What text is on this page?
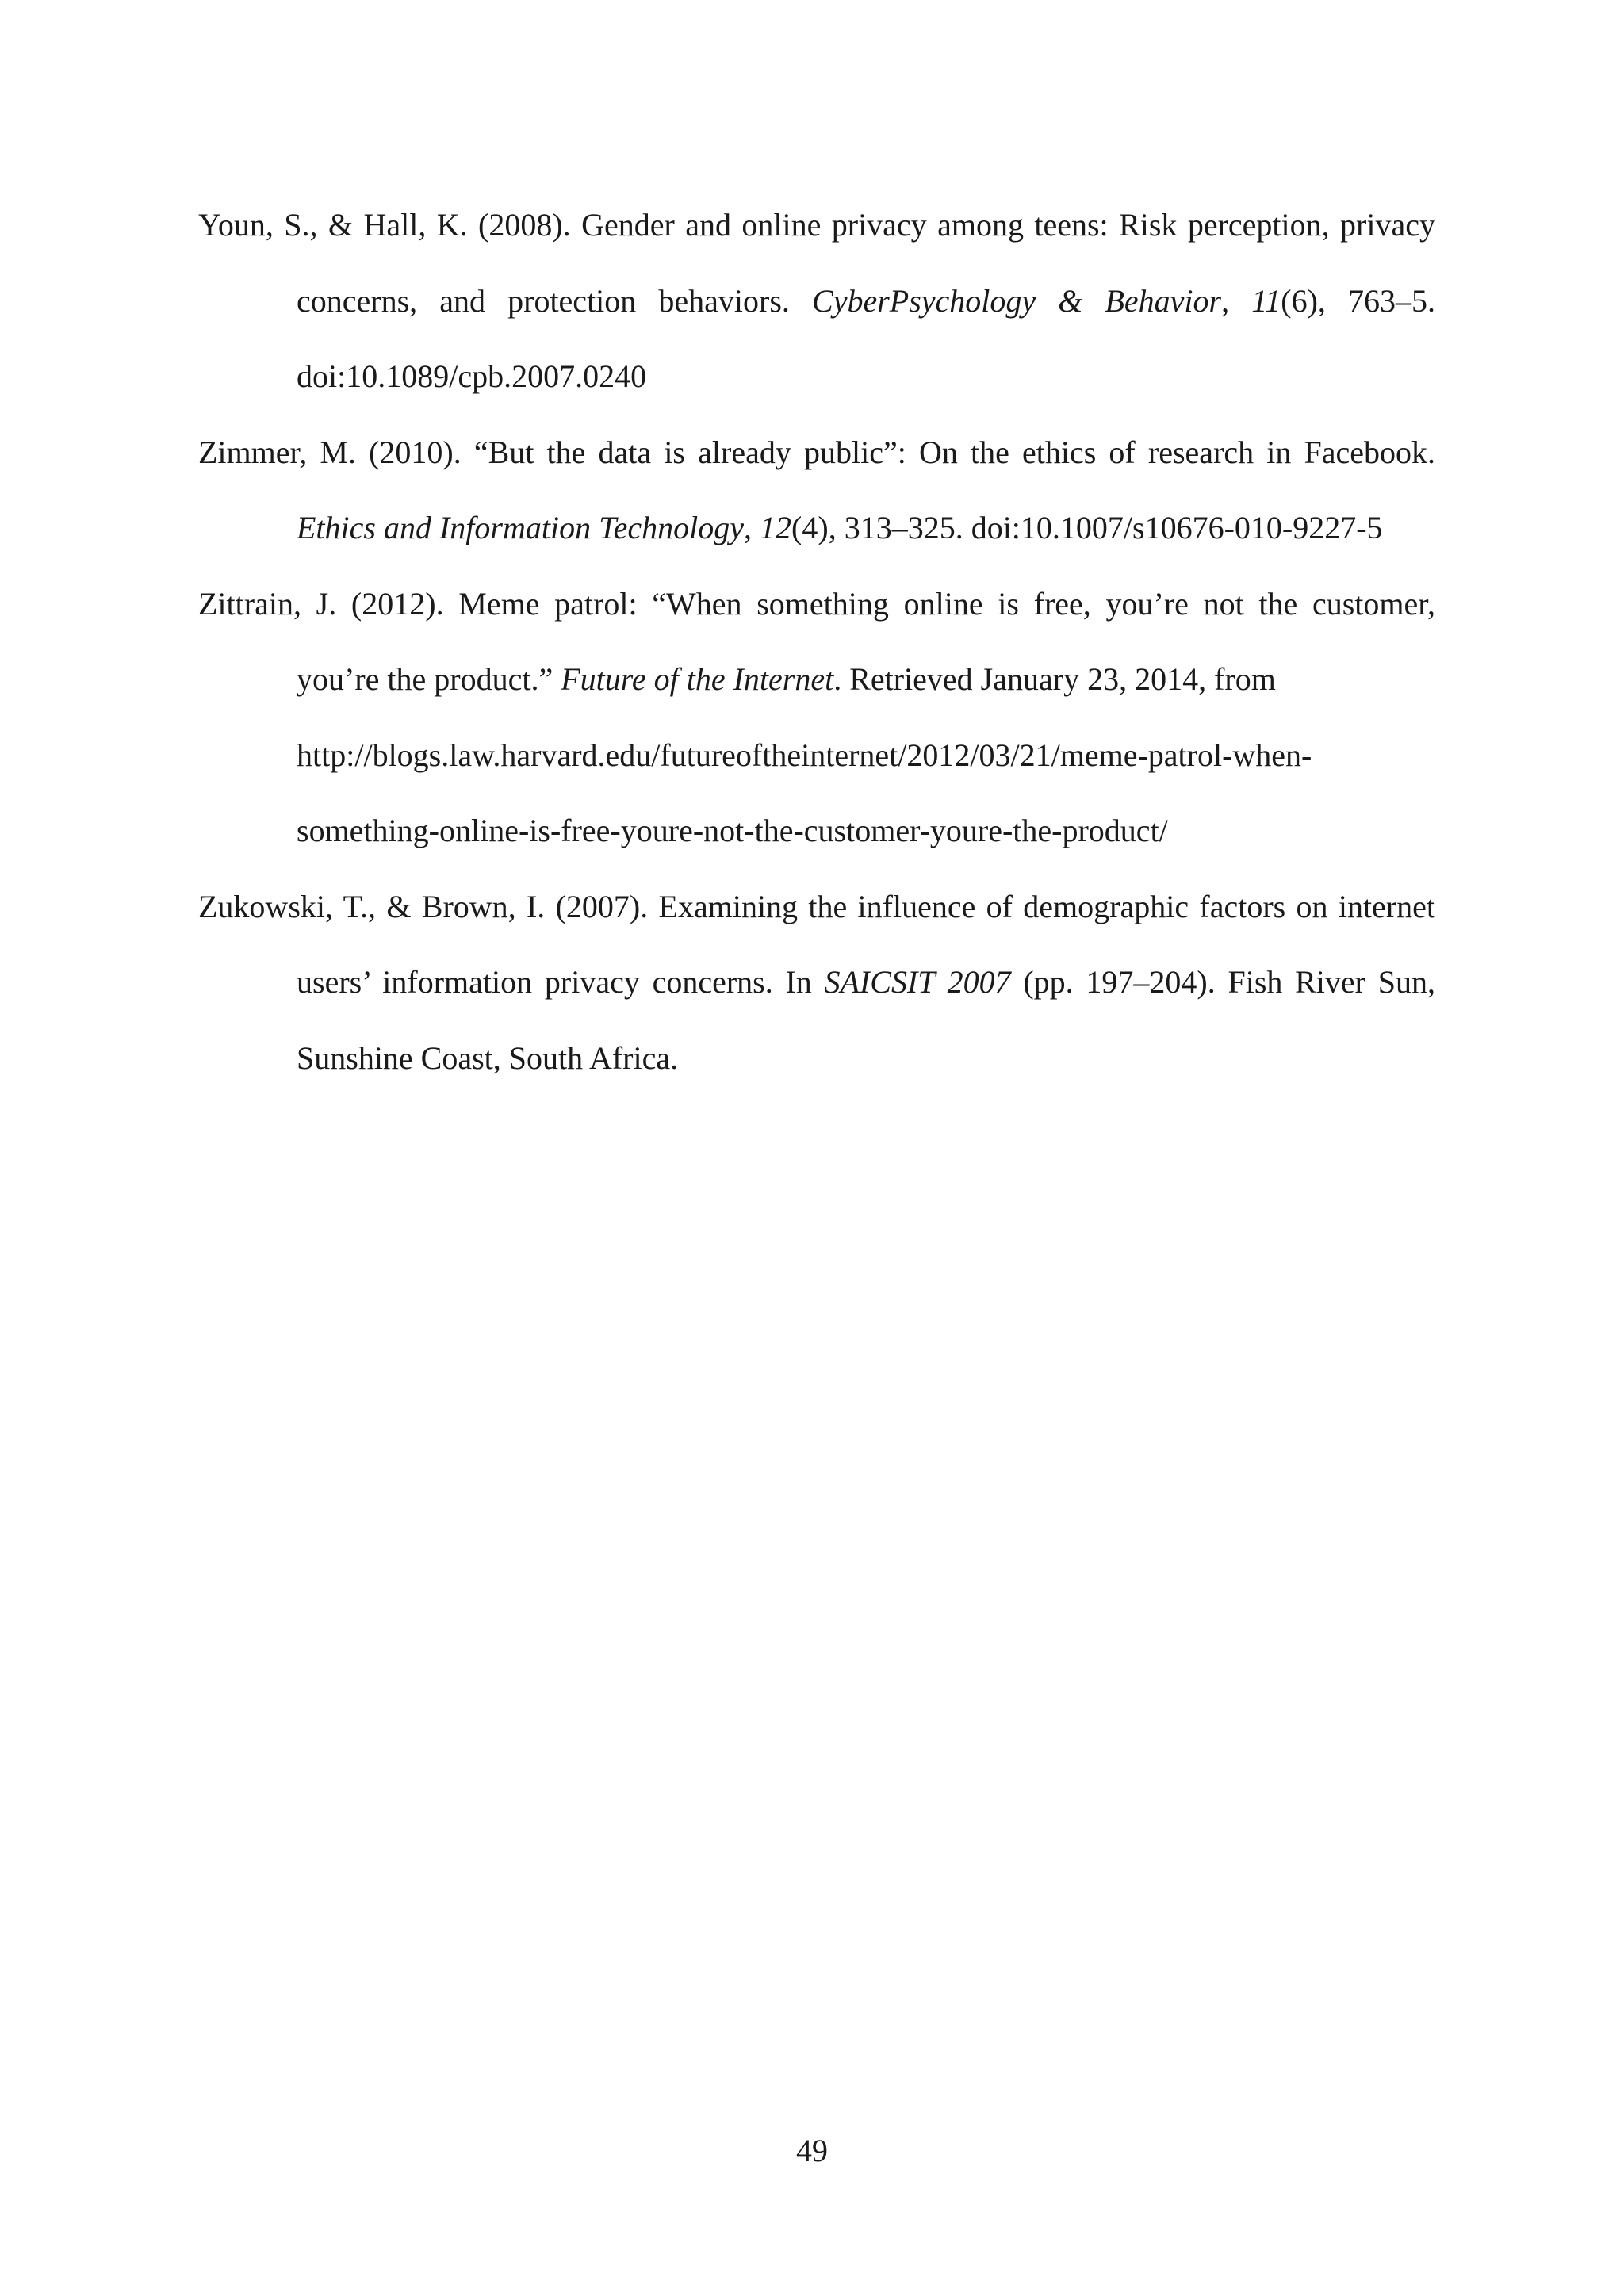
Youn, S., & Hall, K. (2008). Gender and online privacy among teens: Risk perception, privacy concerns, and protection behaviors. CyberPsychology & Behavior, 11(6), 763–5. doi:10.1089/cpb.2007.0240

Zimmer, M. (2010). “But the data is already public”: On the ethics of research in Facebook. Ethics and Information Technology, 12(4), 313–325. doi:10.1007/s10676-010-9227-5

Zittrain, J. (2012). Meme patrol: “When something online is free, you’re not the customer, you’re the product.” Future of the Internet. Retrieved January 23, 2014, from
http://blogs.law.harvard.edu/futureoftheinternet/2012/03/21/meme-patrol-when-
something-online-is-free-youre-not-the-customer-youre-the-product/

Zukowski, T., & Brown, I. (2007). Examining the influence of demographic factors on internet users’ information privacy concerns. In SAICSIT 2007 (pp. 197–204). Fish River Sun, Sunshine Coast, South Africa.

49
